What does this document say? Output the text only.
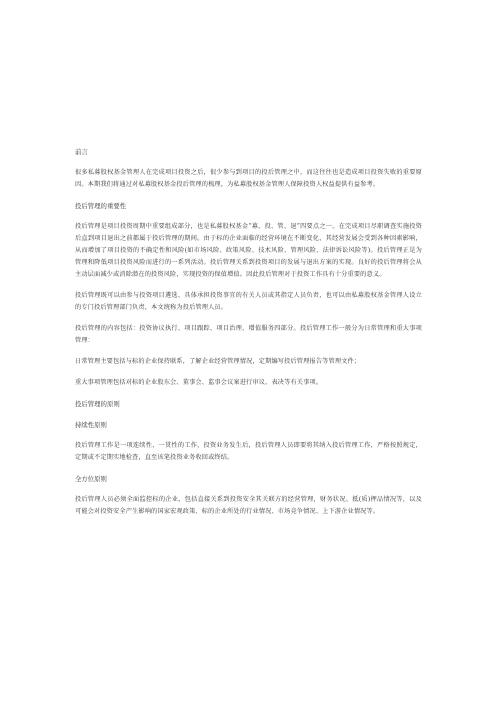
前言

很多私募股权基金管理人在完成项目投资之后，很少参与到项目的投后管理之中，而这往往也是造成项目投资失败的重要原因。本期我们将通过对私募股权基金投后管理的梳理，为私募股权基金管理人保障投资人权益提供有益参考。

投后管理的重要性

投后管理是项目投资周期中重要组成部分，也是私募股权基金“募、投、管、退”四要点之一。在完成项目尽职调查实施投资后直到项目退出之前都属于投后管理的期间。由于标的企业面临的经营环境在不断变化，其经营发展会受到各种因素影响，从而增加了项目投资的不确定性和风险(如市场风险、政策风险、技术风险、管理风险、法律诉讼风险等)。投后管理正是为管理和降低项目投资风险而进行的一系列活动。投后管理关系到投资项目的发展与退出方案的实现。良好的投后管理将会从主动层面减少或消除潜在的投资风险，实现投资的保值增值。因此投后管理对于投资工作具有十分重要的意义。

投后管理既可以由参与投资项目遴选、具体承担投资事宜的有关人员或其指定人员负责，也可以由私募股权基金管理人设立的专门投后管理部门负责，本文统称为投后管理人员。

投后管理的内容包括：投资协议执行、项目跟踪、项目治理、增值服务四部分。投后管理工作一般分为日常管理和重大事项管理：

日常管理主要包括与标的企业保持联系，了解企业经营管理情况，定期编写投后管理报告等管理文件；

重大事项管理包括对标的企业股东会、董事会、监事会议案进行审议、表决等有关事项。

投后管理的原则

持续性原则

投后管理工作是一项连续性、一贯性的工作，投资业务发生后，投后管理人员即要将其纳入投后管理工作，严格按照规定，定期或不定期实地检查，直至该笔投资业务收回或终结。

全方位原则

投后管理人员必须全面监控标的企业，包括直接关系到投资安全其关联方的经营管理，财务状况、抵(质)押品情况等，以及可能会对投资安全产生影响的国家宏观政策、标的企业所处的行业情况、市场竞争情况、上下游企业情况等。
